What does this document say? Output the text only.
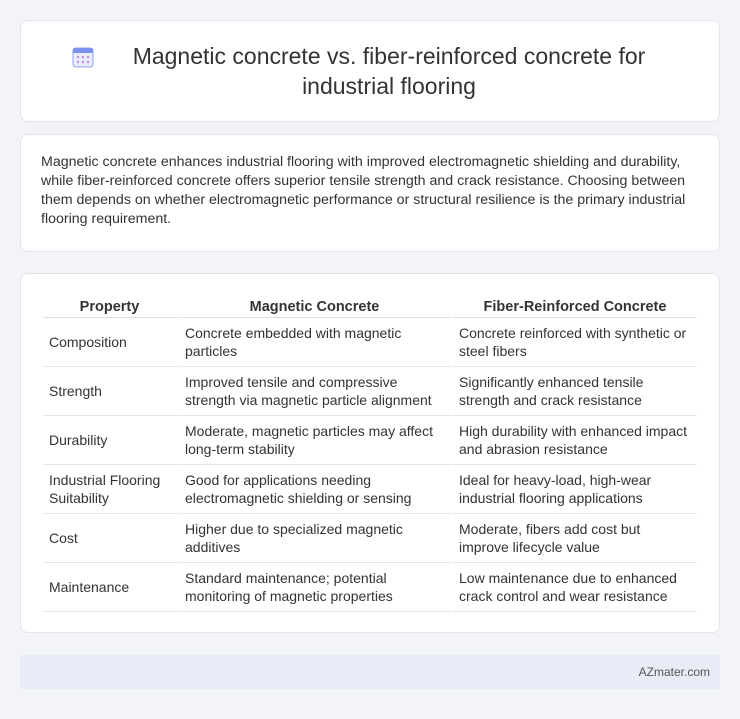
Magnetic concrete vs. fiber-reinforced concrete for industrial flooring

Magnetic concrete enhances industrial flooring with improved electromagnetic shielding and durability, while fiber-reinforced concrete offers superior tensile strength and crack resistance. Choosing between them depends on whether electromagnetic performance or structural resilience is the primary industrial flooring requirement.

Property	Magnetic Concrete	Fiber-Reinforced Concrete
Composition	Concrete embedded with magnetic particles	Concrete reinforced with synthetic or steel fibers
Strength	Improved tensile and compressive strength via magnetic particle alignment	Significantly enhanced tensile strength and crack resistance
Durability	Moderate, magnetic particles may affect long-term stability	High durability with enhanced impact and abrasion resistance
Industrial Flooring Suitability	Good for applications needing electromagnetic shielding or sensing	Ideal for heavy-load, high-wear industrial flooring applications
Cost	Higher due to specialized magnetic additives	Moderate, fibers add cost but improve lifecycle value
Maintenance	Standard maintenance; potential monitoring of magnetic properties	Low maintenance due to enhanced crack control and wear resistance
AZmater.com
